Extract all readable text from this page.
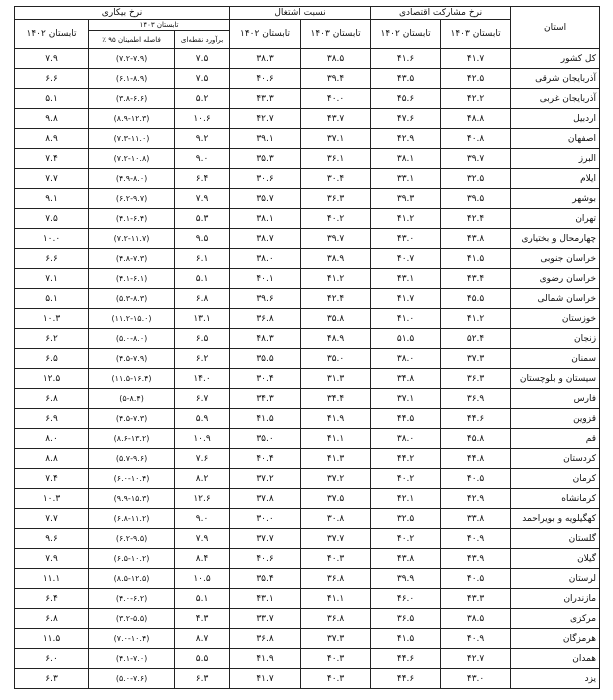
استان	نرخ مشارکت اقتصادی		نسبت اشتغال		نرخ بیکاری		
	تابستان ۱۴۰۳	تابستان ۱۴۰۲	تابستان ۱۴۰۳	تابستان ۱۴۰۲	تابستان ۱۴۰۳		تابستان ۱۴۰۲
					برآورد نقطه‌ای	فاصله اطمینان ۹۵ ٪	
کل کشور	۴۱.۷	۴۱.۶	۳۸.۵	۳۸.۳	۷.۵	(۷.۲-۷.۹)	۷.۹
آذربایجان شرقی	۴۲.۵	۴۳.۵	۳۹.۴	۴۰.۶	۷.۵	(۶.۱-۸.۹)	۶.۶
آذربایجان غربی	۴۲.۲	۴۵.۶	۴۰.۰	۴۳.۳	۵.۲	(۳.۸-۶.۶)	۵.۱
اردبیل	۴۸.۸	۴۷.۶	۴۳.۷	۴۲.۷	۱۰.۶	(۸.۹-۱۲.۳)	۹.۸
اصفهان	۴۰.۸	۴۲.۹	۳۷.۱	۳۹.۱	۹.۲	(۷.۳-۱۱.۰)	۸.۹
البرز	۳۹.۷	۳۸.۱	۳۶.۱	۳۵.۳	۹.۰	(۷.۲-۱۰.۸)	۷.۴
ایلام	۳۲.۵	۳۳.۱	۳۰.۴	۳۰.۶	۶.۴	(۴.۹-۸.۰)	۷.۷
بوشهر	۳۹.۵	۳۹.۳	۳۶.۳	۳۵.۷	۷.۹	(۶.۲-۹.۷)	۹.۱
تهران	۴۲.۴	۴۱.۲	۴۰.۲	۳۸.۱	۵.۳	(۴.۱-۶.۴)	۷.۵
چهارمحال و بختیاری	۴۳.۸	۴۳.۰	۳۹.۷	۳۸.۷	۹.۵	(۷.۲-۱۱.۷)	۱۰.۰
خراسان جنوبی	۴۱.۵	۴۰.۷	۳۸.۹	۳۸.۰	۶.۱	(۴.۸-۷.۳)	۶.۶
خراسان رضوی	۴۳.۴	۴۳.۱	۴۱.۲	۴۰.۱	۵.۱	(۴.۱-۶.۱)	۷.۱
خراسان شمالی	۴۵.۵	۴۱.۷	۴۲.۴	۳۹.۶	۶.۸	(۵.۳-۸.۳)	۵.۱
خوزستان	۴۱.۲	۴۱.۰	۳۵.۸	۳۶.۸	۱۳.۱	(۱۱.۲-۱۵.۰)	۱۰.۳
زنجان	۵۲.۴	۵۱.۵	۴۸.۹	۴۸.۳	۶.۵	(۵.۰-۸.۰)	۶.۲
سمنان	۳۷.۳	۳۸.۰	۳۵.۰	۳۵.۵	۶.۲	(۴.۵-۷.۹)	۶.۵
سیستان و بلوچستان	۳۶.۳	۳۴.۸	۳۱.۳	۳۰.۴	۱۴.۰	(۱۱.۵-۱۶.۴)	۱۲.۵
فارس	۳۶.۹	۳۷.۱	۳۴.۴	۳۴.۳	۶.۷	(۵-۸.۴)	۶.۸
قزوین	۴۴.۶	۴۴.۵	۴۱.۹	۴۱.۵	۵.۹	(۴.۵-۷.۳)	۶.۹
قم	۴۵.۸	۳۸.۰	۴۱.۱	۳۵.۰	۱۰.۹	(۸.۶-۱۳.۲)	۸.۰
کردستان	۴۴.۸	۴۴.۲	۴۱.۳	۴۰.۴	۷.۶	(۵.۷-۹.۶)	۸.۸
کرمان	۴۰.۵	۴۰.۲	۳۷.۲	۳۷.۲	۸.۲	(۶.۰-۱۰.۴)	۷.۴
کرمانشاه	۴۲.۹	۴۲.۱	۳۷.۵	۳۷.۸	۱۲.۶	(۹.۹-۱۵.۳)	۱۰.۳
کهگیلویه و بویراحمد	۳۳.۸	۳۲.۵	۳۰.۸	۳۰.۰	۹.۰	(۶.۸-۱۱.۲)	۷.۷
گلستان	۴۰.۹	۴۰.۲	۳۷.۷	۳۷.۷	۷.۹	(۶.۲-۹.۵)	۹.۶
گیلان	۴۳.۹	۴۳.۸	۴۰.۳	۴۰.۶	۸.۴	(۶.۵-۱۰.۲)	۷.۹
لرستان	۴۰.۵	۳۹.۹	۳۶.۸	۳۵.۴	۱۰.۵	(۸.۵-۱۲.۵)	۱۱.۱
مازندران	۴۳.۳	۴۶.۰	۴۱.۱	۴۳.۱	۵.۱	(۴.۰-۶.۲)	۶.۴
مرکزی	۳۸.۵	۳۶.۵	۳۶.۸	۳۳.۷	۴.۳	(۳.۲-۵.۵)	۶.۸
هرمزگان	۴۰.۹	۴۱.۵	۳۷.۳	۳۶.۸	۸.۷	(۷.۰-۱۰.۴)	۱۱.۵
همدان	۴۲.۷	۴۴.۶	۴۰.۳	۴۱.۹	۵.۵	(۴.۱-۷.۰)	۶.۰
یزد	۴۳.۰	۴۴.۶	۴۰.۳	۴۱.۷	۶.۳	(۵.۰-۷.۶)	۶.۳
